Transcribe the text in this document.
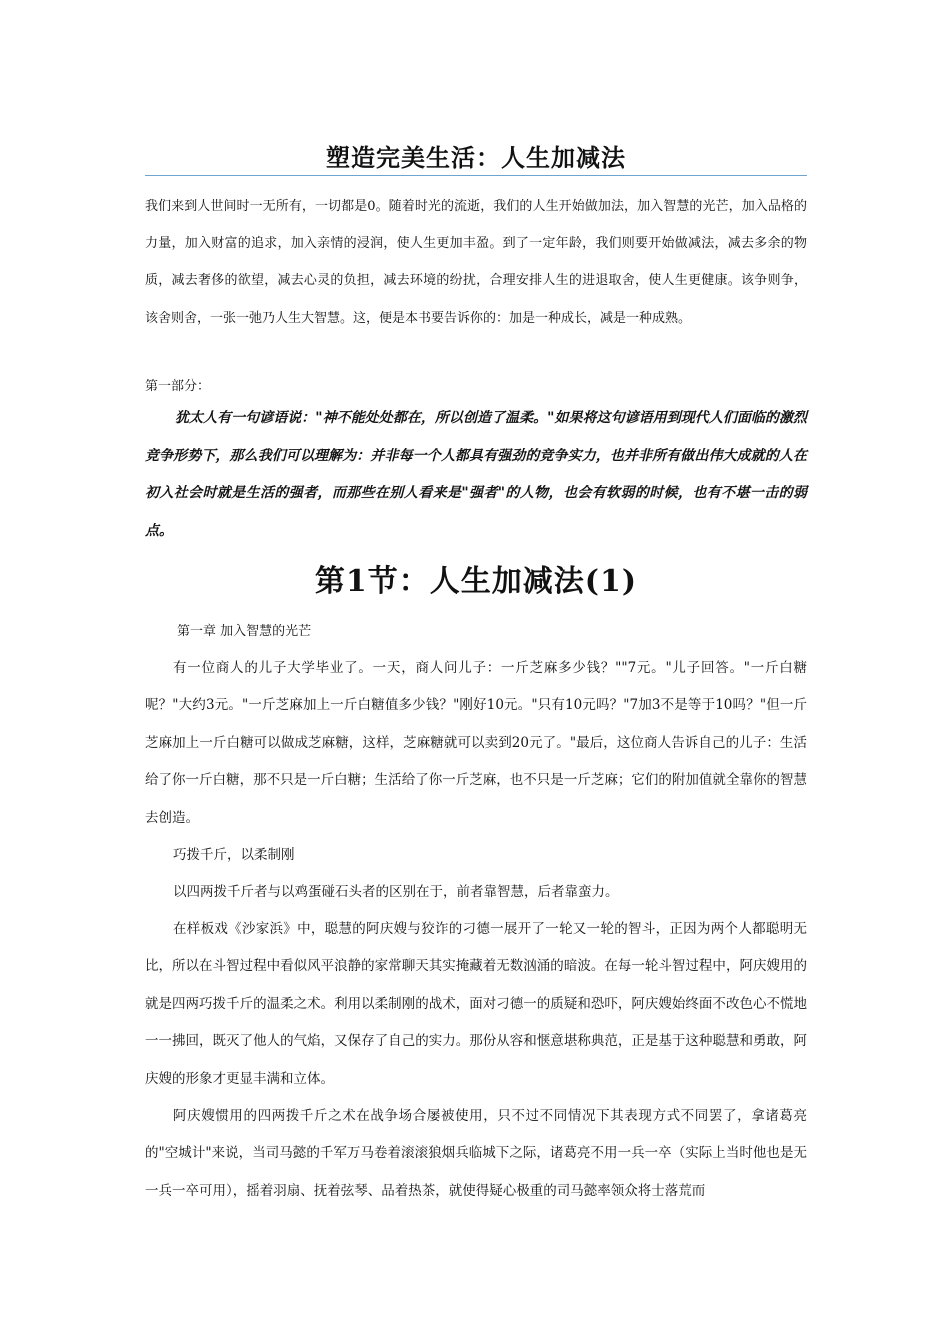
塑造完美生活：人生加减法
我们来到人世间时一无所有，一切都是0。随着时光的流逝，我们的人生开始做加法，加入智慧的光芒，加入品格的力量，加入财富的追求，加入亲情的浸润，使人生更加丰盈。到了一定年龄，我们则要开始做减法，减去多余的物质，减去奢侈的欲望，减去心灵的负担，减去环境的纷扰，合理安排人生的进退取舍，使人生更健康。该争则争，该舍则舍，一张一弛乃人生大智慧。这，便是本书要告诉你的：加是一种成长，减是一种成熟。
第一部分：
犹太人有一句谚语说："神不能处处都在，所以创造了温柔。"如果将这句谚语用到现代人们面临的激烈竞争形势下，那么我们可以理解为：并非每一个人都具有强劲的竞争实力，也并非所有做出伟大成就的人在初入社会时就是生活的强者，而那些在别人看来是"强者"的人物，也会有软弱的时候，也有不堪一击的弱点。
第1节：人生加减法(1)
第一章 加入智慧的光芒

有一位商人的儿子大学毕业了。一天，商人问儿子：一斤芝麻多少钱？""7元。"儿子回答。"一斤白糖呢？"大约3元。"一斤芝麻加上一斤白糖值多少钱？"刚好10元。"只有10元吗？"7加3不是等于10吗？"但一斤芝麻加上一斤白糖可以做成芝麻糖，这样，芝麻糖就可以卖到20元了。"最后，这位商人告诉自己的儿子：生活给了你一斤白糖，那不只是一斤白糖；生活给了你一斤芝麻，也不只是一斤芝麻；它们的附加值就全靠你的智慧去创造。

巧拨千斤，以柔制刚

以四两拨千斤者与以鸡蛋碰石头者的区别在于，前者靠智慧，后者靠蛮力。

在样板戏《沙家浜》中，聪慧的阿庆嫂与狡诈的刁德一展开了一轮又一轮的智斗，正因为两个人都聪明无比，所以在斗智过程中看似风平浪静的家常聊天其实掩藏着无数汹涌的暗波。在每一轮斗智过程中，阿庆嫂用的就是四两巧拨千斤的温柔之术。利用以柔制刚的战术，面对刁德一的质疑和恐吓，阿庆嫂始终面不改色心不慌地一一拂回，既灭了他人的气焰，又保存了自己的实力。那份从容和惬意堪称典范，正是基于这种聪慧和勇敢，阿庆嫂的形象才更显丰满和立体。

阿庆嫂惯用的四两拨千斤之术在战争场合屡被使用，只不过不同情况下其表现方式不同罢了，拿诸葛亮的"空城计"来说，当司马懿的千军万马卷着滚滚狼烟兵临城下之际，诸葛亮不用一兵一卒（实际上当时他也是无一兵一卒可用），摇着羽扇、抚着弦琴、品着热茶，就使得疑心极重的司马懿率领众将士落荒而
